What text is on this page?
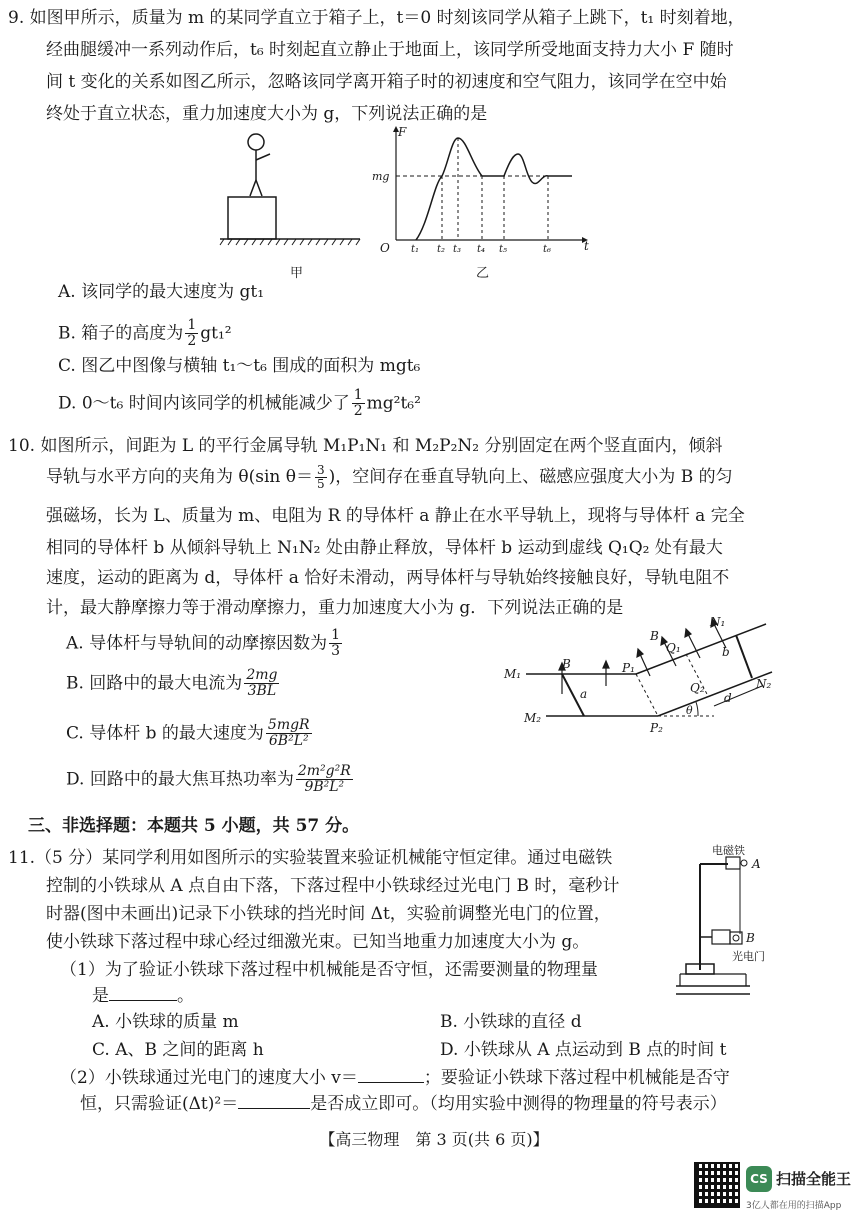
9. 如图甲所示，质量为 m 的某同学直立于箱子上，t＝0 时刻该同学从箱子上跳下，t₁ 时刻着地，
经曲腿缓冲一系列动作后，t₆ 时刻起直立静止于地面上，该同学所受地面支持力大小 F 随时
间 t 变化的关系如图乙所示，忽略该同学离开箱子时的初速度和空气阻力，该同学在空中始
终处于直立状态，重力加速度大小为 g，下列说法正确的是
甲
F
t
O
mg
t₁ t₂ t₃ t₄ t₅	t₆
乙
A. 该同学的最大速度为 gt₁
B. 箱子的高度为 $\frac{1}{2} gt_1^2$
C. 图乙中图像与横轴 t₁～t₆ 围成的面积为 mgt₆
D. 0～t₆ 时间内该同学的机械能减少了 $\frac{1}{2} mg^2t_6^2$
10. 如图所示，间距为 L 的平行金属导轨 M₁P₁N₁ 和 M₂P₂N₂ 分别固定在两个竖直面内，倾斜
导轨与水平方向的夹角为 θ(sin $\theta= \frac{3}{5}$ )，空间存在垂直导轨向上、磁感应强度大小为 B 的匀
强磁场，长为 L、质量为 m、电阻为 R 的导体杆 a 静止在水平导轨上，现将与导体杆 a 完全
相同的导体杆 b 从倾斜导轨上 N₁N₂ 处由静止释放，导体杆 b 运动到虚线 Q₁Q₂ 处有最大
速度，运动的距离为 d，导体杆 a 恰好未滑动，两导体杆与导轨始终接触良好，导轨电阻不
计，最大静摩擦力等于滑动摩擦力，重力加速度大小为 g．下列说法正确的是
A. 导体杆与导轨间的动摩擦因数为 $\frac{1}{3}$
B. 回路中的最大电流为 $\frac{2mg}{3BL}$
C. 导体杆 b 的最大速度为 $\frac{\text{5mgR}}{\text{6B²L²}}$
D. 回路中的最大焦耳热功率为 $\frac{\text{2m²g²R}}{\text{9B²L²}}$
M₁
M₂
P₁
P₂
N₁
N₂
Q₁
Q₂
B
B
a
b
d
θ
三、非选择题：本题共 5 小题，共 57 分。
11.（5 分）某同学利用如图所示的实验装置来验证机械能守恒定律。通过电磁铁
控制的小铁球从 A 点自由下落，下落过程中小铁球经过光电门 B 时，毫秒计
时器(图中未画出)记录下小铁球的挡光时间 Δt，实验前调整光电门的位置，
使小铁球下落过程中球心经过细激光束。已知当地重力加速度大小为 g。
（1）为了验证小铁球下落过程中机械能是否守恒，还需要测量的物理量
是	。
A. 小铁球的质量 m	B. 小铁球的直径 d
C. A、B 之间的距离 h	D. 小铁球从 A 点运动到 B 点的时间 t
（2）小铁球通过光电门的速度大小 v＝	；要验证小铁球下落过程中机械能是否守
恒，只需验证(Δt)²＝	是否成立即可。（均用实验中测得的物理量的符号表示）
电磁铁
A
B
光电门
【高三物理　第 3 页(共 6 页)】
CS 扫描全能王
3亿人都在用的扫描App
